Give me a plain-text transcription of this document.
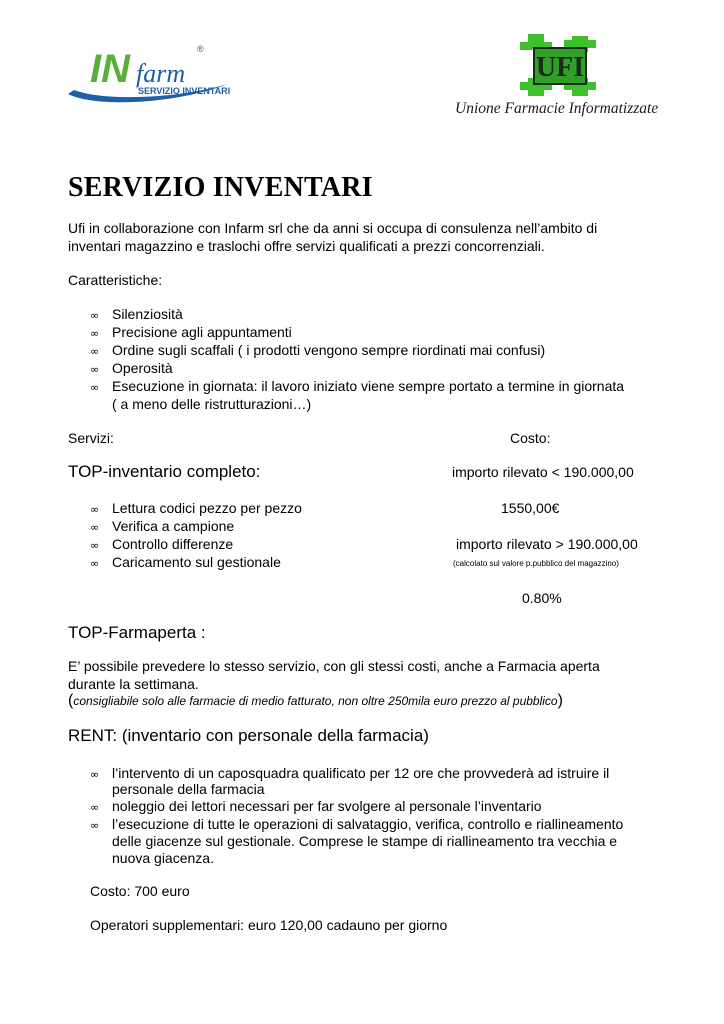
IN farm
®
SERVIZIO INVENTARI
UFI
Unione Farmacie Informatizzate
SERVIZIO INVENTARI
Ufi in collaborazione con Infarm srl che da anni si occupa di consulenza nell’ambito di
inventari magazzino e traslochi offre servizi qualificati a prezzi concorrenziali.
Caratteristiche:
∞ Silenziosità
∞ Precisione agli appuntamenti
∞ Ordine sugli scaffali ( i prodotti vengono sempre riordinati mai confusi)
∞ Operosità
∞ Esecuzione in giornata: il lavoro iniziato viene sempre portato a termine in giornata
( a meno delle ristrutturazioni…)
Servizi:	Costo:
TOP-inventario completo:	importo rilevato < 190.000,00
∞ Lettura codici pezzo per pezzo	1550,00€
∞ Verifica a campione
∞ Controllo differenze	importo rilevato > 190.000,00
∞ Caricamento sul gestionale	(calcolato sul valore p.pubblico del magazzino)
0.80%
TOP-Farmaperta :
E’ possibile prevedere lo stesso servizio, con gli stessi costi, anche a Farmacia aperta
durante la settimana.
(consigliabile solo alle farmacie di medio fatturato, non oltre 250mila euro prezzo al pubblico)
RENT: (inventario con personale della farmacia)
∞ l’intervento di un caposquadra qualificato per 12 ore che provvederà ad istruire il
personale della farmacia
∞ noleggio dei lettori necessari per far svolgere al personale l’inventario
∞ l’esecuzione di tutte le operazioni di salvataggio, verifica, controllo e riallineamento
delle giacenze sul gestionale. Comprese le stampe di riallineamento tra vecchia e
nuova giacenza.
Costo: 700 euro
Operatori supplementari: euro 120,00 cadauno per giorno
